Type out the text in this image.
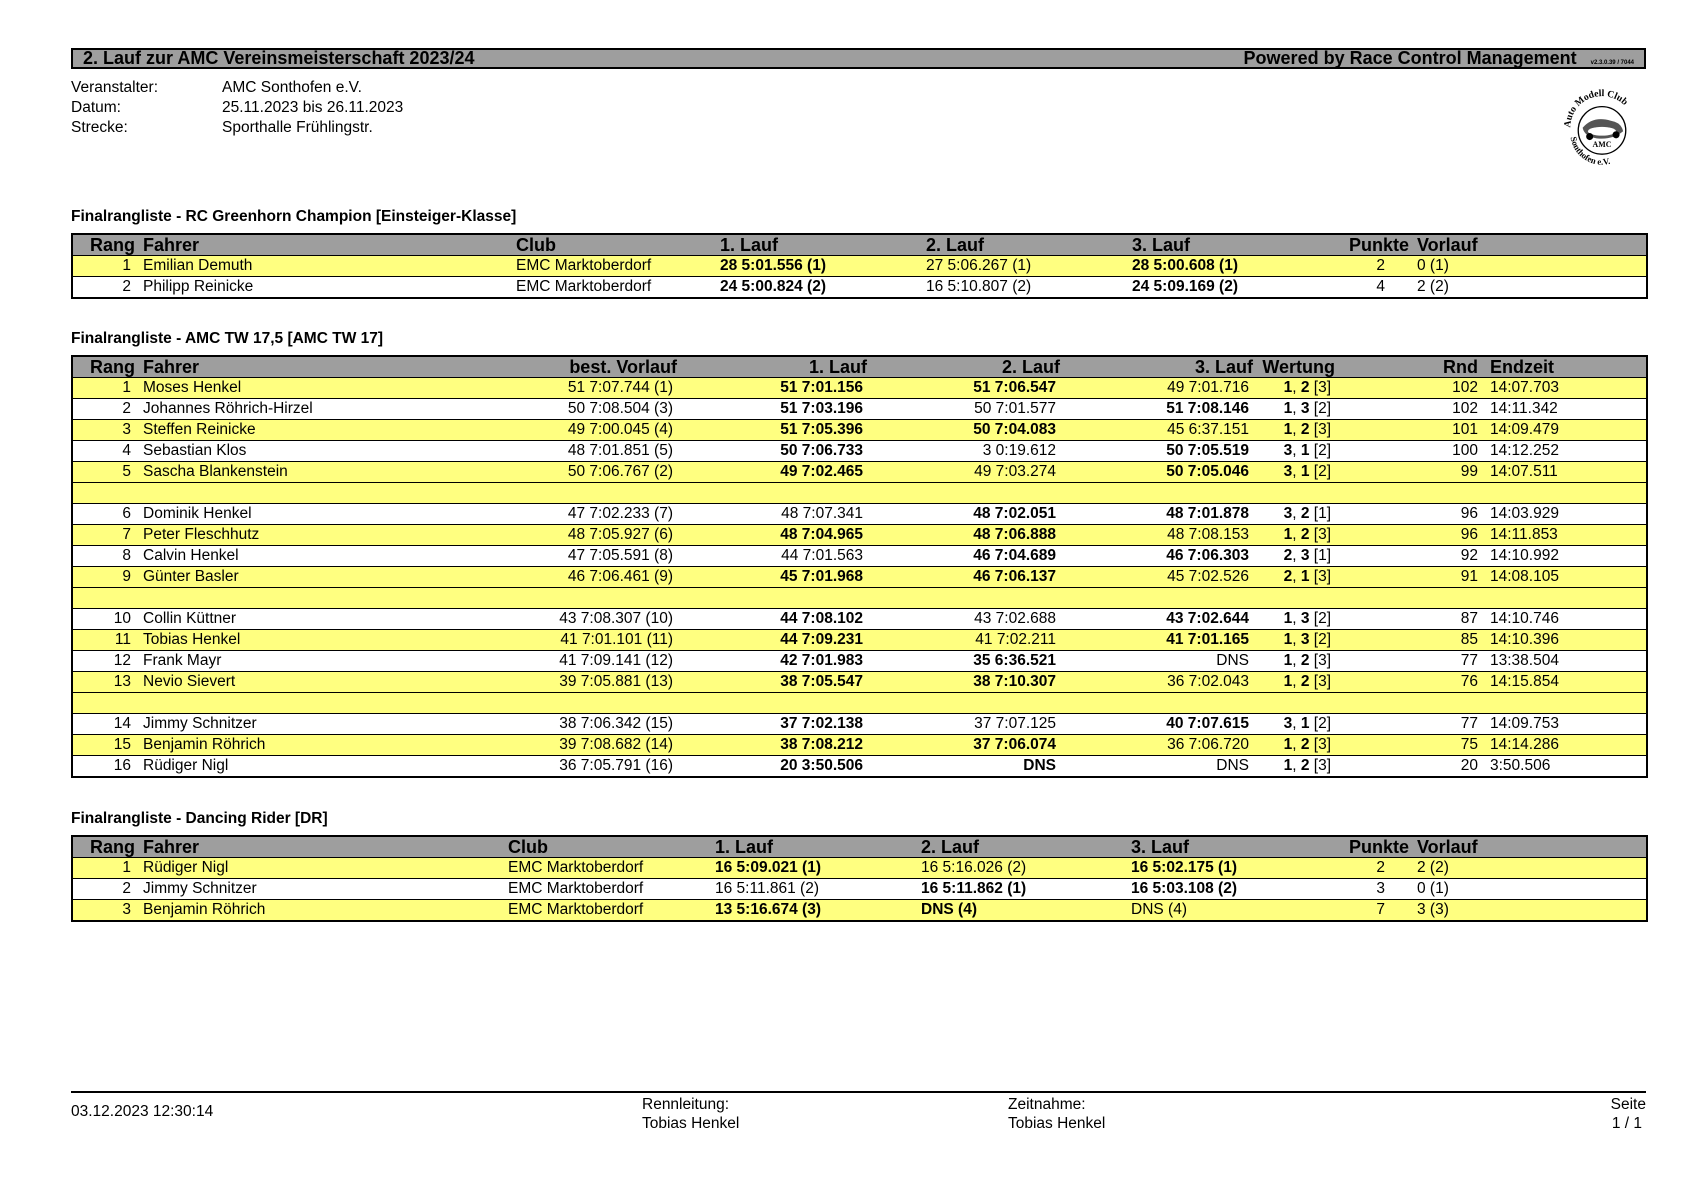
2. Lauf zur AMC Vereinsmeisterschaft 2023/24	Powered by Race Control Management v2.3.0.39 / 7044
Veranstalter:	AMC Sonthofen e.V.
Datum:	25.11.2023 bis 26.11.2023
Strecke:	Sporthalle Frühlingstr.	Auto Modell Club
Sonthofen e.V.
AMC
Finalrangliste - RC Greenhorn Champion [Einsteiger-Klasse]
Rang	Fahrer	Club	1. Lauf	2. Lauf	3. Lauf	Punkte	Vorlauf
1	Emilian Demuth	EMC Marktoberdorf	28 5:01.556 (1)	27 5:06.267 (1)	28 5:00.608 (1)	2	0 (1)
2	Philipp Reinicke	EMC Marktoberdorf	24 5:00.824 (2)	16 5:10.807 (2)	24 5:09.169 (2)	4	2 (2)
Finalrangliste - AMC TW 17,5 [AMC TW 17]
Rang	Fahrer	best. Vorlauf	1. Lauf	2. Lauf	3. Lauf	Wertung	Rnd	Endzeit
1	Moses Henkel	51 7:07.744 (1)	51 7:01.156	51 7:06.547	49 7:01.716	1, 2 [3]	102	14:07.703
2	Johannes Röhrich-Hirzel	50 7:08.504 (3)	51 7:03.196	50 7:01.577	51 7:08.146	1, 3 [2]	102	14:11.342
3	Steffen Reinicke	49 7:00.045 (4)	51 7:05.396	50 7:04.083	45 6:37.151	1, 2 [3]	101	14:09.479
4	Sebastian Klos	48 7:01.851 (5)	50 7:06.733	3 0:19.612	50 7:05.519	3, 1 [2]	100	14:12.252
5	Sascha Blankenstein	50 7:06.767 (2)	49 7:02.465	49 7:03.274	50 7:05.046	3, 1 [2]	99	14:07.511

6	Dominik Henkel	47 7:02.233 (7)	48 7:07.341	48 7:02.051	48 7:01.878	3, 2 [1]	96	14:03.929
7	Peter Fleschhutz	48 7:05.927 (6)	48 7:04.965	48 7:06.888	48 7:08.153	1, 2 [3]	96	14:11.853
8	Calvin Henkel	47 7:05.591 (8)	44 7:01.563	46 7:04.689	46 7:06.303	2, 3 [1]	92	14:10.992
9	Günter Basler	46 7:06.461 (9)	45 7:01.968	46 7:06.137	45 7:02.526	2, 1 [3]	91	14:08.105

10	Collin Küttner	43 7:08.307 (10)	44 7:08.102	43 7:02.688	43 7:02.644	1, 3 [2]	87	14:10.746
11	Tobias Henkel	41 7:01.101 (11)	44 7:09.231	41 7:02.211	41 7:01.165	1, 3 [2]	85	14:10.396
12	Frank Mayr	41 7:09.141 (12)	42 7:01.983	35 6:36.521	DNS	1, 2 [3]	77	13:38.504
13	Nevio Sievert	39 7:05.881 (13)	38 7:05.547	38 7:10.307	36 7:02.043	1, 2 [3]	76	14:15.854

14	Jimmy Schnitzer	38 7:06.342 (15)	37 7:02.138	37 7:07.125	40 7:07.615	3, 1 [2]	77	14:09.753
15	Benjamin Röhrich	39 7:08.682 (14)	38 7:08.212	37 7:06.074	36 7:06.720	1, 2 [3]	75	14:14.286
16	Rüdiger Nigl	36 7:05.791 (16)	20 3:50.506	DNS	DNS	1, 2 [3]	20	3:50.506
Finalrangliste - Dancing Rider [DR]
Rang	Fahrer	Club	1. Lauf	2. Lauf	3. Lauf	Punkte	Vorlauf
1	Rüdiger Nigl	EMC Marktoberdorf	16 5:09.021 (1)	16 5:16.026 (2)	16 5:02.175 (1)	2	2 (2)
2	Jimmy Schnitzer	EMC Marktoberdorf	16 5:11.861 (2)	16 5:11.862 (1)	16 5:03.108 (2)	3	0 (1)
3	Benjamin Röhrich	EMC Marktoberdorf	13 5:16.674 (3)	DNS (4)	DNS (4)	7	3 (3)
03.12.2023 12:30:14	Rennleitung:
Tobias Henkel
Zeitnahme:
Tobias Henkel
Seite
1 / 1
